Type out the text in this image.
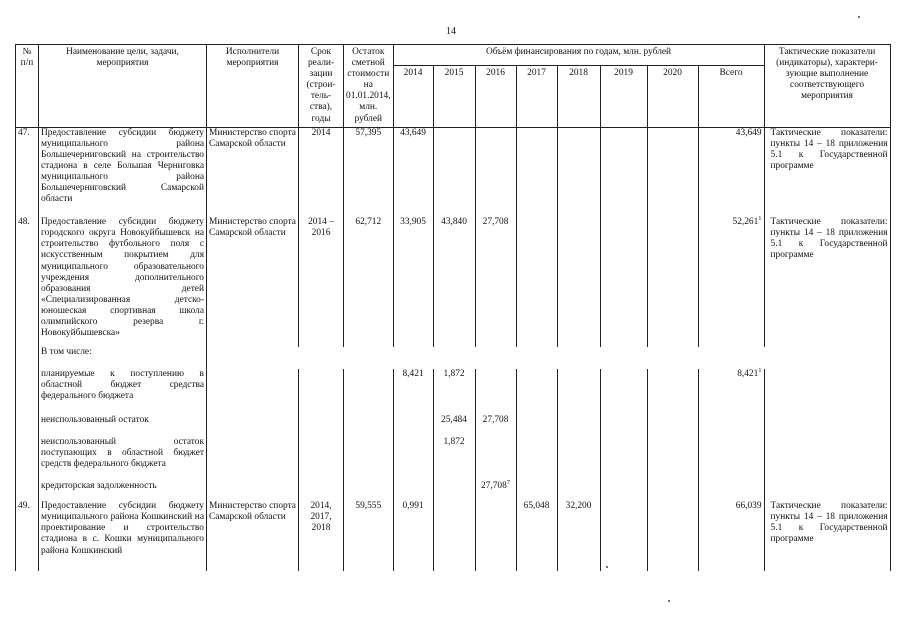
14
№ п/п	Наименование цели, задачи, мероприятия	Исполнители мероприятия	Срок реали-зации (строи-тель-ства), годы	Остаток сметной стоимости на 01.01.2014, млн. рублей	Объём финансирования по годам, млн. рублей								Тактические показатели (индикаторы), характери-зующие выполнение соответствующего мероприятия
					2014	2015	2016	2017	2018	2019	2020	Всего	
47.	Предоставление субсидии бюджету муниципального района Большечерниговский на строительство стадиона в селе Большая Черниговка муниципального района Большечерниговский Самарской области	Министерство спорта Самарской области	2014	57,395	43,649							43,649	Тактические показатели: пункты 14 – 18 приложения 5.1 к Государственной программе
48.	Предоставление субсидии бюджету городского округа Новокуйбышевск на строительство футбольного поля с искусственным покрытием для муниципального образовательного учреждения дополнительного образования детей «Специализированная детско-юношеская спортивная школа олимпийского резерва г. Новокуйбышевска»	Министерство спорта Самарской области	2014 – 2016	62,712	33,905	43,840	27,708					52,261$^1$	Тактические показатели: пункты 14 – 18 приложения 5.1 к Государственной программе
	В том числе:												
	планируемые к поступлению в областной бюджет средства федерального бюджета				8,421	1,872						8,421$^1$	
	неиспользованный остаток					25,484	27,708						
	неиспользованный остаток поступающих в областной бюджет средств федерального бюджета					1,872							
	кредиторская задолженность						27,708$^7$						
49.	Предоставление субсидии бюджету муниципального района Кошкинский на проектирование и строительство стадиона в с. Кошки муниципального района Кошкинский	Министерство спорта Самарской области	2014, 2017, 2018	59,555	0,991			65,048	32,200			66,039	Тактические показатели: пункты 14 – 18 приложения 5.1 к Государственной программе
